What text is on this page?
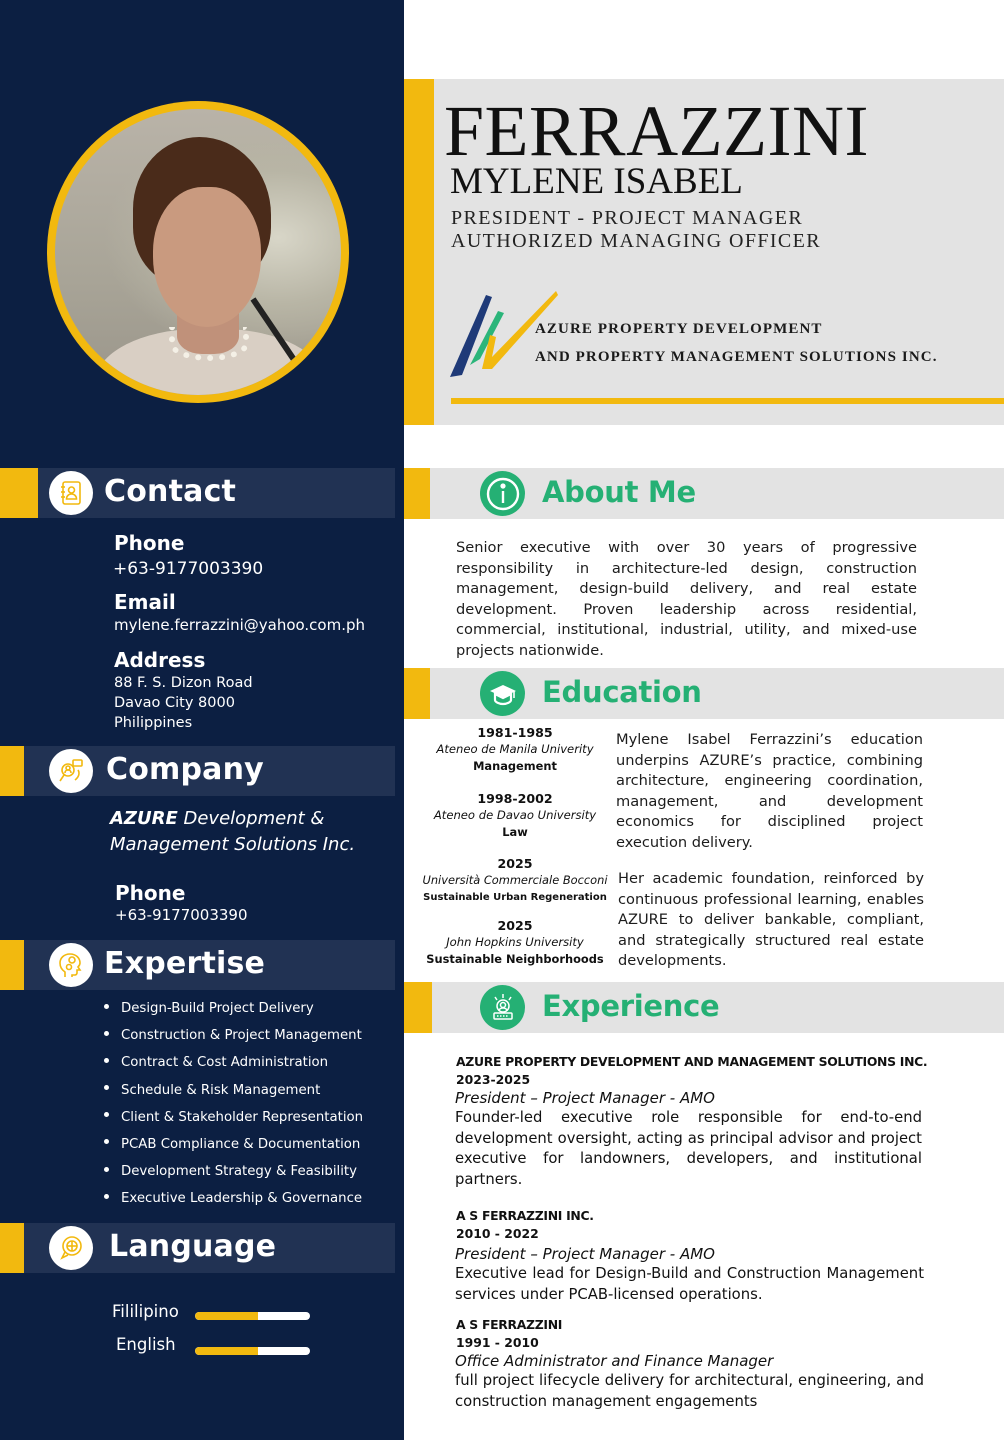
Contact
Phone
+63-9177003390
Email
mylene.ferrazzini@yahoo.com.ph
Address
88 F. S. Dizon Road
Davao City 8000
Philippines
Company
AZURE Development &
Management Solutions Inc.
Phone
+63-9177003390
Expertise
Design-Build Project Delivery
Construction & Project Management
Contract & Cost Administration
Schedule & Risk Management
Client & Stakeholder Representation
PCAB Compliance & Documentation
Development Strategy & Feasibility
Executive Leadership & Governance
Language
Fililipino
English
FERRAZZINI
MYLENE ISABEL
PRESIDENT - PROJECT MANAGER
AUTHORIZED MANAGING OFFICER
AZURE PROPERTY DEVELOPMENT
AND PROPERTY MANAGEMENT SOLUTIONS INC.
About Me

Senior executive with over 30 years of progressive responsibility in architecture-led design, construction management, design-build delivery, and real estate development. Proven leadership across residential, commercial, institutional, industrial, utility, and mixed-use projects nationwide.

Education
1981-1985
Ateneo de Manila Univerity
Management
1998-2002
Ateneo de Davao University
Law
2025
Università Commerciale Bocconi
Sustainable Urban Regeneration
2025
John Hopkins University
Sustainable Neighborhoods

Mylene Isabel Ferrazzini’s education underpins AZURE’s practice, combining architecture, engineering coordination, management, and development economics for disciplined project execution delivery.

Her academic foundation, reinforced by continuous professional learning, enables AZURE to deliver bankable, compliant, and strategically structured real estate developments.

Experience
AZURE PROPERTY DEVELOPMENT AND MANAGEMENT SOLUTIONS INC.
2023-2025
President – Project Manager - AMO
Founder-led executive role responsible for end-to-end development oversight, acting as principal advisor and project executive for landowners, developers, and institutional partners.
A S FERRAZZINI INC.
2010 - 2022
President – Project Manager - AMO
Executive lead for Design-Build and Construction Management services under PCAB-licensed operations.
A S FERRAZZINI
1991 - 2010
Office Administrator and Finance Manager
full project lifecycle delivery for architectural, engineering, and construction management engagements
